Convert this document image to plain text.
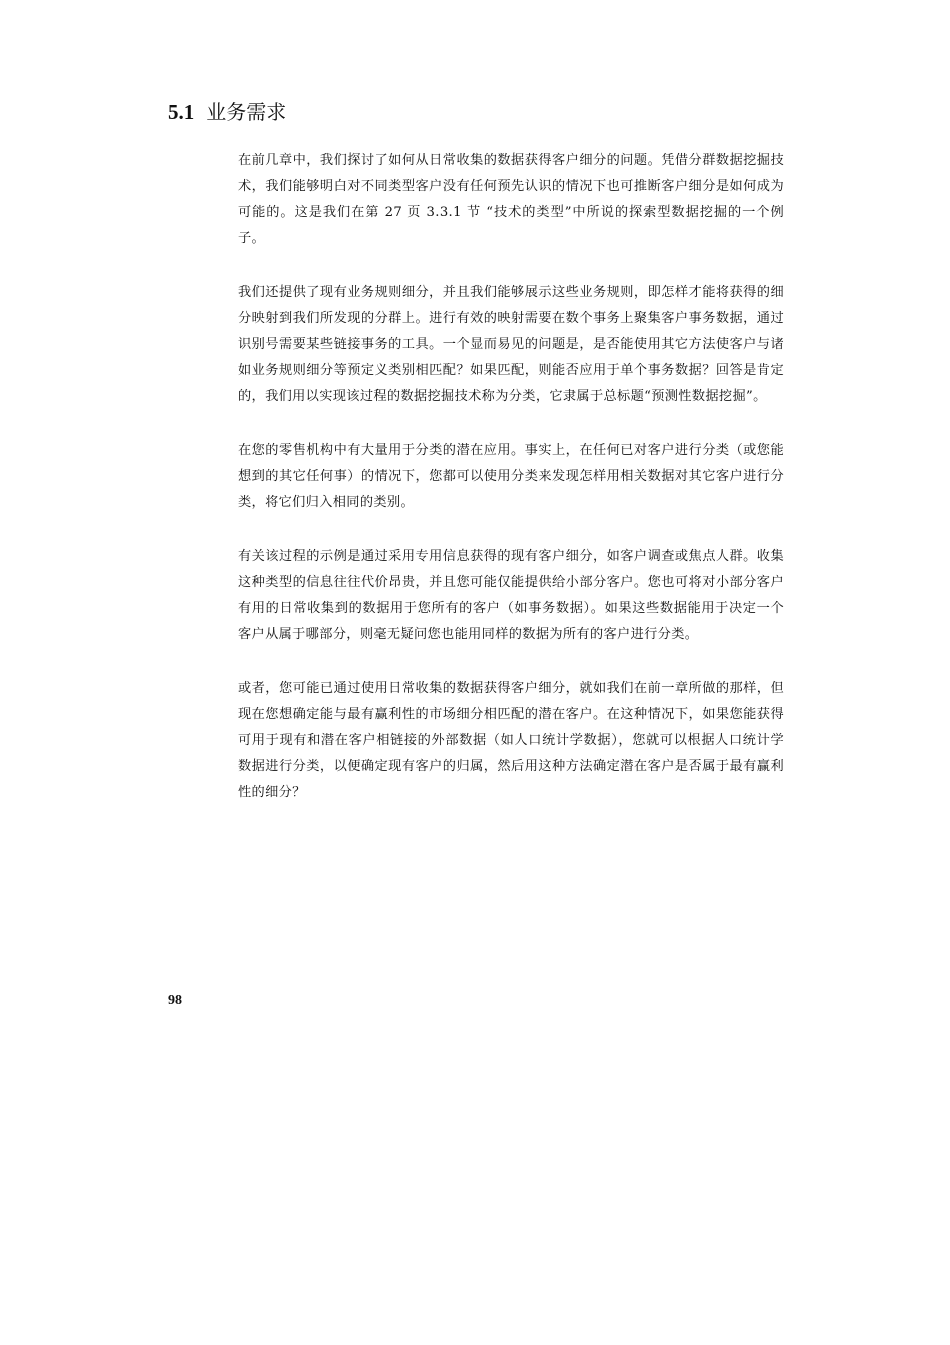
5.1 业务需求

在前几章中，我们探讨了如何从日常收集的数据获得客户细分的问题。凭借分群数据挖掘技术，我们能够明白对不同类型客户没有任何预先认识的情况下也可推断客户细分是如何成为可能的。这是我们在第 27 页 3.3.1 节 “技术的类型”中所说的探索型数据挖掘的一个例子。

我们还提供了现有业务规则细分，并且我们能够展示这些业务规则，即怎样才能将获得的细分映射到我们所发现的分群上。进行有效的映射需要在数个事务上聚集客户事务数据，通过识别号需要某些链接事务的工具。一个显而易见的问题是，是否能使用其它方法使客户与诸如业务规则细分等预定义类别相匹配？如果匹配，则能否应用于单个事务数据？回答是肯定的，我们用以实现该过程的数据挖掘技术称为分类，它隶属于总标题“预测性数据挖掘”。

在您的零售机构中有大量用于分类的潜在应用。事实上，在任何已对客户进行分类（或您能想到的其它任何事）的情况下，您都可以使用分类来发现怎样用相关数据对其它客户进行分类，将它们归入相同的类别。

有关该过程的示例是通过采用专用信息获得的现有客户细分，如客户调查或焦点人群。收集这种类型的信息往往代价昂贵，并且您可能仅能提供给小部分客户。您也可将对小部分客户有用的日常收集到的数据用于您所有的客户（如事务数据）。如果这些数据能用于决定一个客户从属于哪部分，则毫无疑问您也能用同样的数据为所有的客户进行分类。

或者，您可能已通过使用日常收集的数据获得客户细分，就如我们在前一章所做的那样，但现在您想确定能与最有赢利性的市场细分相匹配的潜在客户。在这种情况下，如果您能获得可用于现有和潜在客户相链接的外部数据（如人口统计学数据），您就可以根据人口统计学数据进行分类，以便确定现有客户的归属，然后用这种方法确定潜在客户是否属于最有赢利性的细分？

98
